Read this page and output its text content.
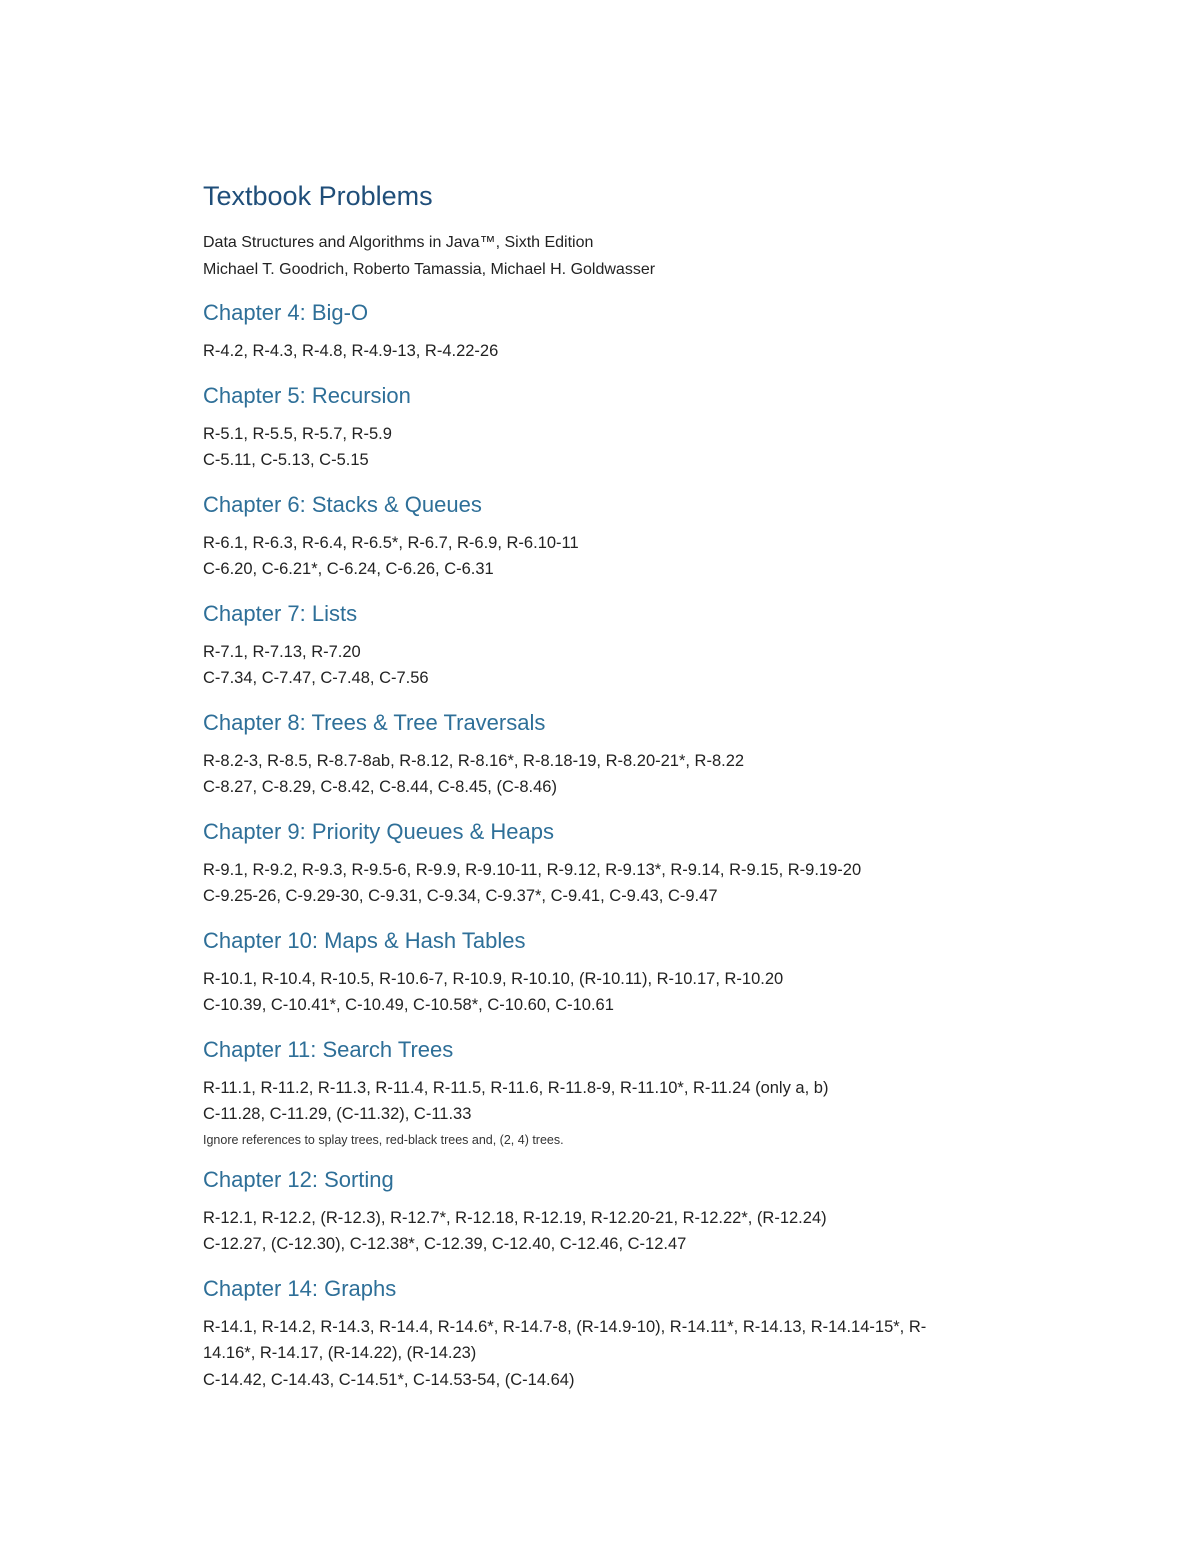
Textbook Problems
Data Structures and Algorithms in Java™, Sixth Edition
Michael T. Goodrich, Roberto Tamassia, Michael H. Goldwasser
Chapter 4: Big-O
R-4.2, R-4.3, R-4.8, R-4.9-13, R-4.22-26
Chapter 5: Recursion
R-5.1, R-5.5, R-5.7, R-5.9
C-5.11, C-5.13, C-5.15
Chapter 6: Stacks & Queues
R-6.1, R-6.3, R-6.4, R-6.5*, R-6.7, R-6.9, R-6.10-11
C-6.20, C-6.21*, C-6.24, C-6.26, C-6.31
Chapter 7: Lists
R-7.1, R-7.13, R-7.20
C-7.34, C-7.47, C-7.48, C-7.56
Chapter 8: Trees & Tree Traversals
R-8.2-3, R-8.5, R-8.7-8ab, R-8.12, R-8.16*, R-8.18-19, R-8.20-21*, R-8.22
C-8.27, C-8.29, C-8.42, C-8.44, C-8.45, (C-8.46)
Chapter 9: Priority Queues & Heaps
R-9.1, R-9.2, R-9.3, R-9.5-6, R-9.9, R-9.10-11, R-9.12, R-9.13*, R-9.14, R-9.15, R-9.19-20
C-9.25-26, C-9.29-30, C-9.31, C-9.34, C-9.37*, C-9.41, C-9.43, C-9.47
Chapter 10: Maps & Hash Tables
R-10.1, R-10.4, R-10.5, R-10.6-7, R-10.9, R-10.10, (R-10.11), R-10.17, R-10.20
C-10.39, C-10.41*, C-10.49, C-10.58*, C-10.60, C-10.61
Chapter 11: Search Trees
R-11.1, R-11.2, R-11.3, R-11.4, R-11.5, R-11.6, R-11.8-9, R-11.10*, R-11.24 (only a, b)
C-11.28, C-11.29, (C-11.32), C-11.33
Ignore references to splay trees, red-black trees and, (2, 4) trees.
Chapter 12: Sorting
R-12.1, R-12.2, (R-12.3), R-12.7*, R-12.18, R-12.19, R-12.20-21, R-12.22*, (R-12.24)
C-12.27, (C-12.30), C-12.38*, C-12.39, C-12.40, C-12.46, C-12.47
Chapter 14: Graphs
R-14.1, R-14.2, R-14.3, R-14.4, R-14.6*, R-14.7-8, (R-14.9-10), R-14.11*, R-14.13, R-14.14-15*, R-
14.16*, R-14.17, (R-14.22), (R-14.23)
C-14.42, C-14.43, C-14.51*, C-14.53-54, (C-14.64)
